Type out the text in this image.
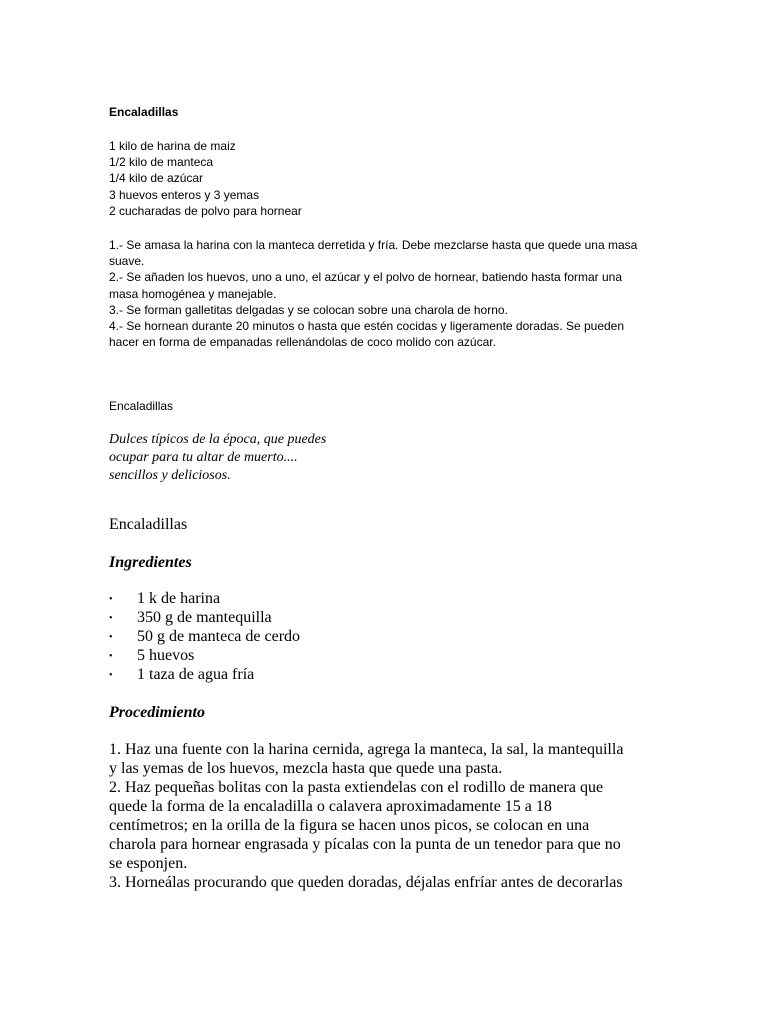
Encaladillas
1 kilo de harina de maiz
1/2 kilo de manteca
1/4 kilo de azúcar
3 huevos enteros y 3 yemas
2 cucharadas de polvo para hornear
1.- Se amasa la harina con la manteca derretida y fría. Debe mezclarse hasta que quede una masa suave.
2.- Se añaden los huevos, uno a uno, el azúcar y el polvo de hornear, batiendo hasta formar una masa homogénea y manejable.
3.- Se forman galletitas delgadas y se colocan sobre una charola de horno.
4.- Se hornean durante 20 minutos o hasta que estén cocidas y ligeramente doradas. Se pueden hacer en forma de empanadas rellenándolas de coco molido con azúcar.
Encaladillas
Dulces típicos de la época, que puedes ocupar para tu altar de muerto.... sencillos y deliciosos.
Encaladillas
Ingredientes
• 1 k de harina
• 350 g de mantequilla
• 50 g de manteca de cerdo
• 5 huevos
• 1 taza de agua fría
Procedimiento
1. Haz una fuente con la harina cernida, agrega la manteca, la sal, la mantequilla y las yemas de los huevos, mezcla hasta que quede una pasta.
2. Haz pequeñas bolitas con la pasta extiendelas con el rodillo de manera que quede la forma de la encaladilla o calavera aproximadamente 15 a 18 centímetros; en la orilla de la figura se hacen unos picos, se colocan en una charola para hornear engrasada y pícalas con la punta de un tenedor para que no se esponjen.
3. Horneálas procurando que queden doradas, déjalas enfríar antes de decorarlas
